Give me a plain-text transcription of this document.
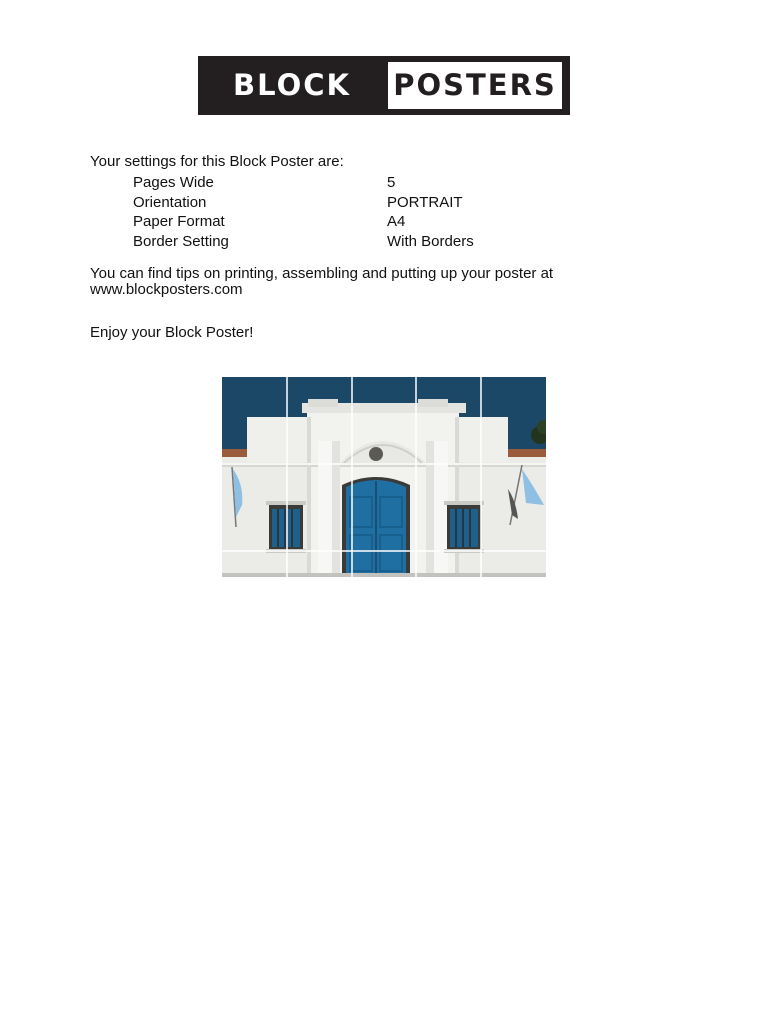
BLOCK	POSTERS
Your settings for this Block Poster are:
Pages Wide	5
Orientation	PORTRAIT
Paper Format	A4
Border Setting	With Borders
You can find tips on printing, assembling and putting up your poster at
www.blockposters.com
Enjoy your Block Poster!
